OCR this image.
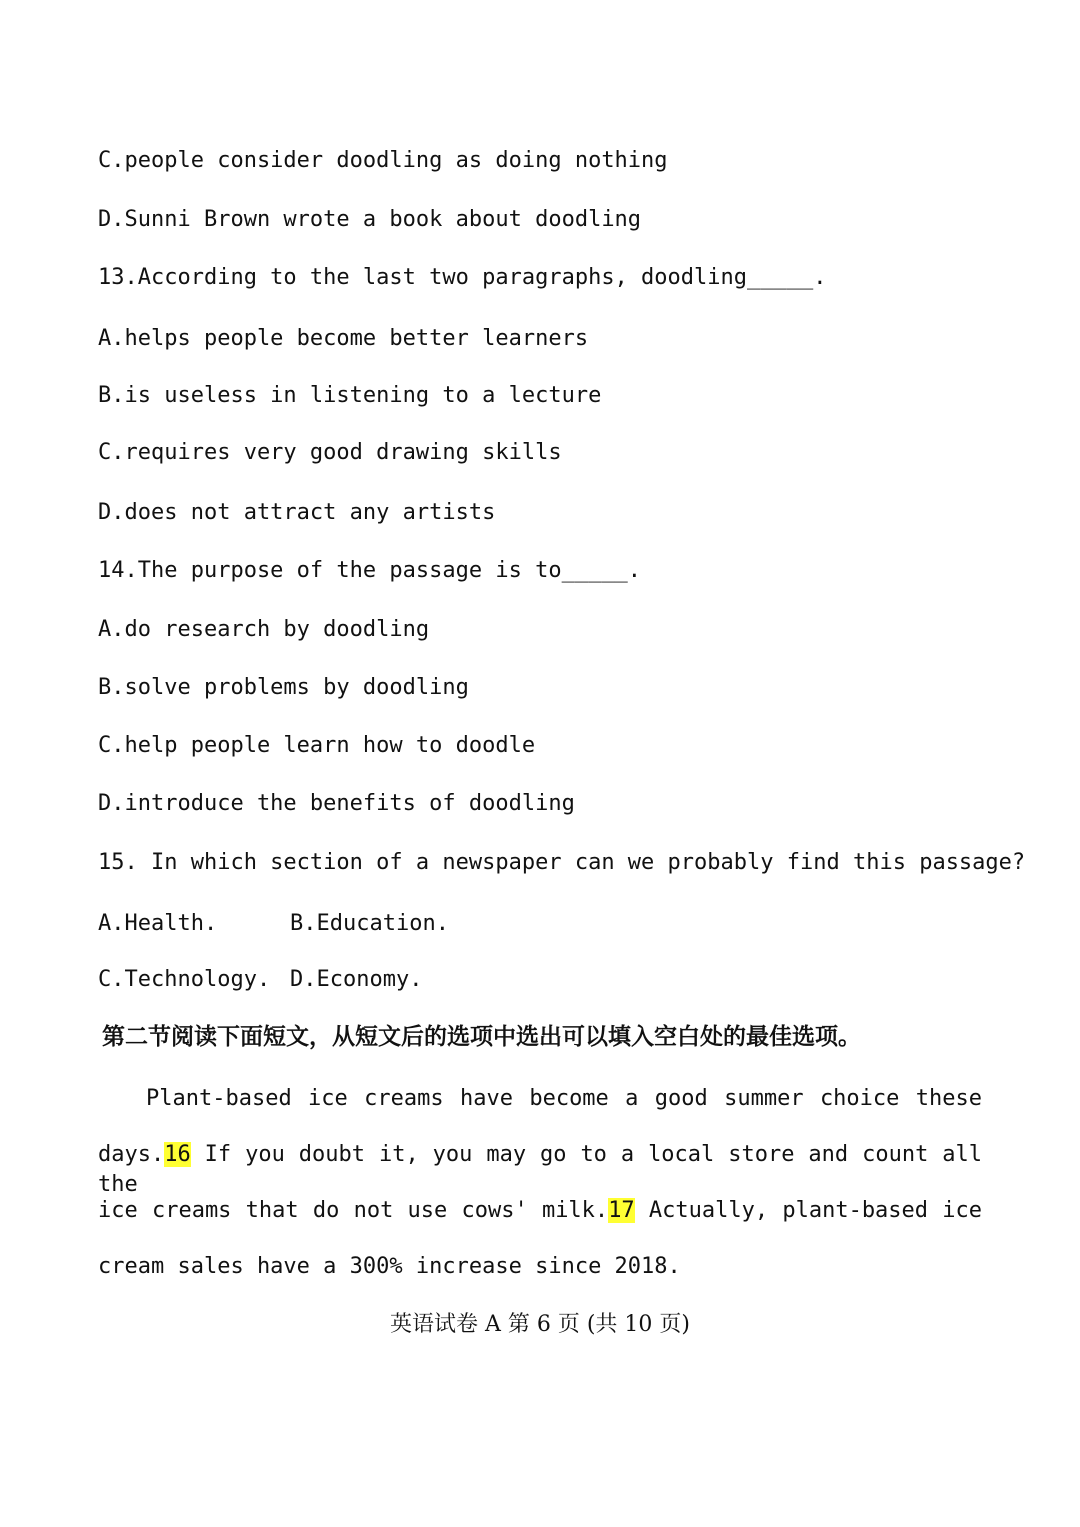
C.people consider doodling as doing nothing
D.Sunni Brown wrote a book about doodling
13.According to the last two paragraphs, doodling_____.
A.helps people become better learners
B.is useless in listening to a lecture
C.requires very good drawing skills
D.does not attract any artists
14.The purpose of the passage is to_____.
A.do research by doodling
B.solve problems by doodling
C.help people learn how to doodle
D.introduce the benefits of doodling
15. In which section of a newspaper can we probably find this passage?
A.Health.	B.Education.
C.Technology. D.Economy.
第二节阅读下面短文，从短文后的选项中选出可以填入空白处的最佳选项。
Plant-based ice creams have become a good summer choice these
days.16 If you doubt it, you may go to a local store and count all the
ice creams that do not use cows' milk.17 Actually, plant-based ice
cream sales have a 300% increase since 2018.
英语试卷 A 第 6 页 (共 10 页)
